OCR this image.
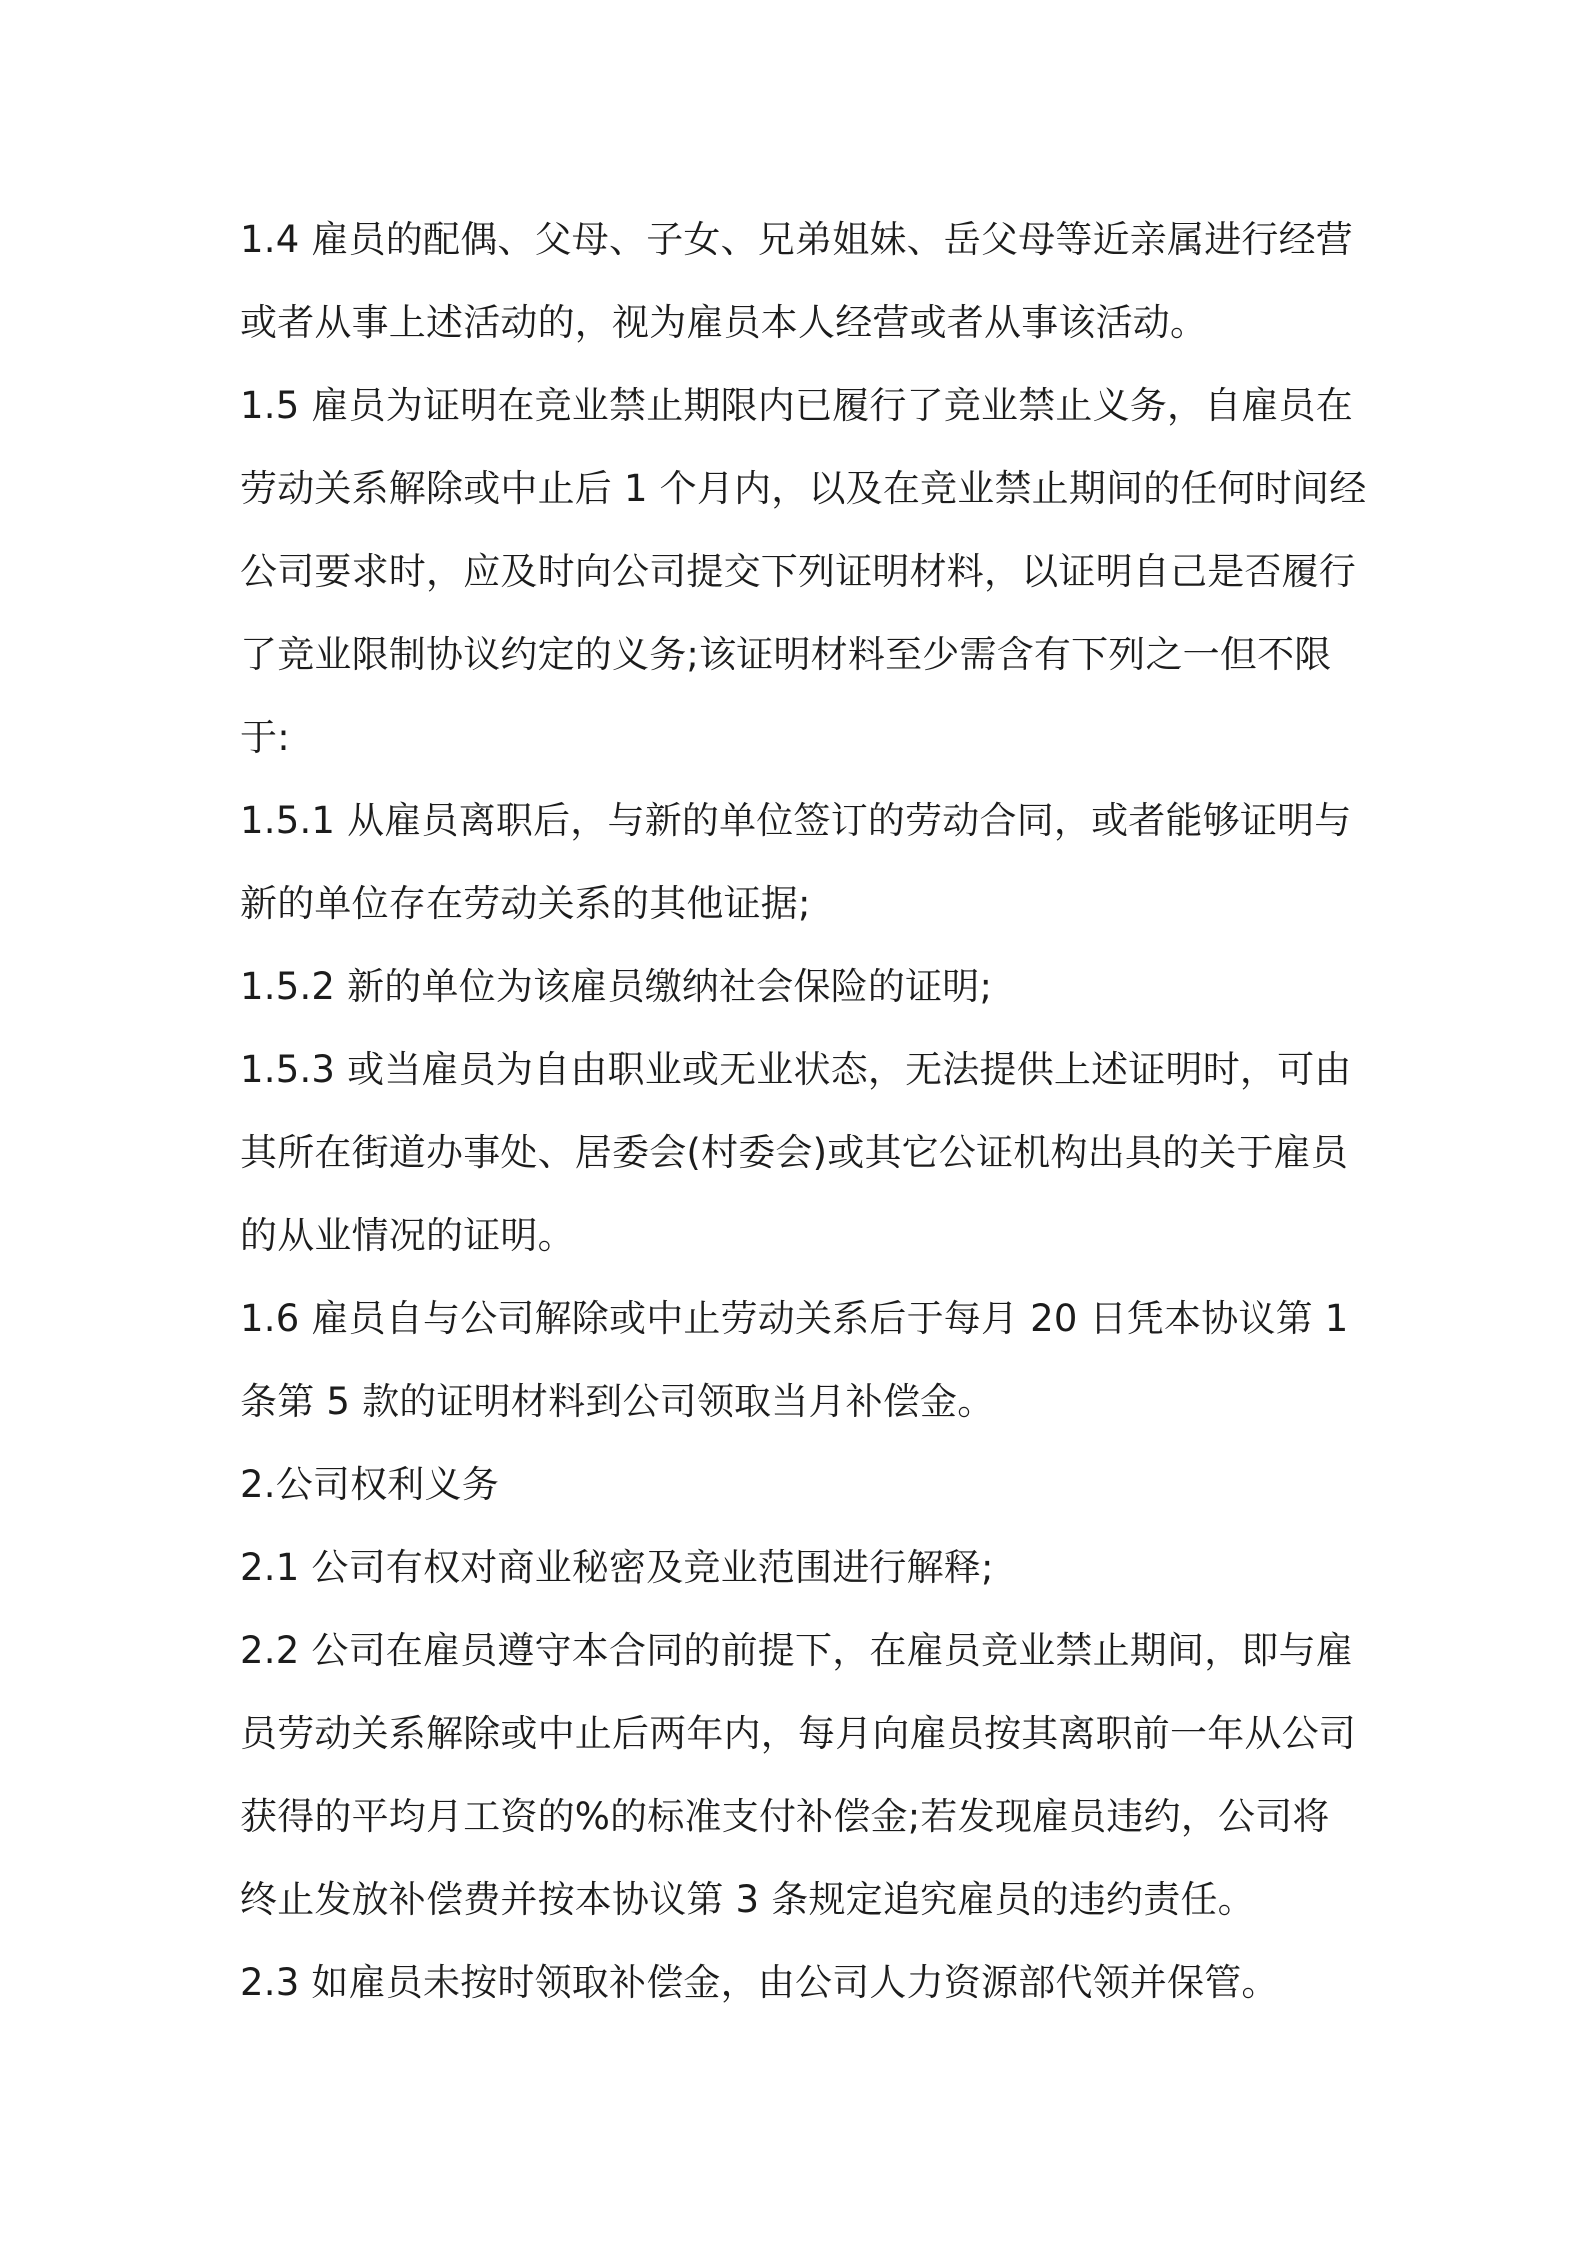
1.4 雇员的配偶、父母、子女、兄弟姐妹、岳父母等近亲属进行经营

或者从事上述活动的，视为雇员本人经营或者从事该活动。

1.5 雇员为证明在竞业禁止期限内已履行了竞业禁止义务，自雇员在

劳动关系解除或中止后 1 个月内，以及在竞业禁止期间的任何时间经

公司要求时，应及时向公司提交下列证明材料，以证明自己是否履行

了竞业限制协议约定的义务;该证明材料至少需含有下列之一但不限

于:

1.5.1 从雇员离职后，与新的单位签订的劳动合同，或者能够证明与

新的单位存在劳动关系的其他证据;

1.5.2 新的单位为该雇员缴纳社会保险的证明;

1.5.3 或当雇员为自由职业或无业状态，无法提供上述证明时，可由

其所在街道办事处、居委会(村委会)或其它公证机构出具的关于雇员

的从业情况的证明。

1.6 雇员自与公司解除或中止劳动关系后于每月 20 日凭本协议第 1

条第 5 款的证明材料到公司领取当月补偿金。

2.公司权利义务

2.1 公司有权对商业秘密及竞业范围进行解释;

2.2 公司在雇员遵守本合同的前提下，在雇员竞业禁止期间，即与雇

员劳动关系解除或中止后两年内，每月向雇员按其离职前一年从公司

获得的平均月工资的%的标准支付补偿金;若发现雇员违约，公司将

终止发放补偿费并按本协议第 3 条规定追究雇员的违约责任。

2.3 如雇员未按时领取补偿金，由公司人力资源部代领并保管。
